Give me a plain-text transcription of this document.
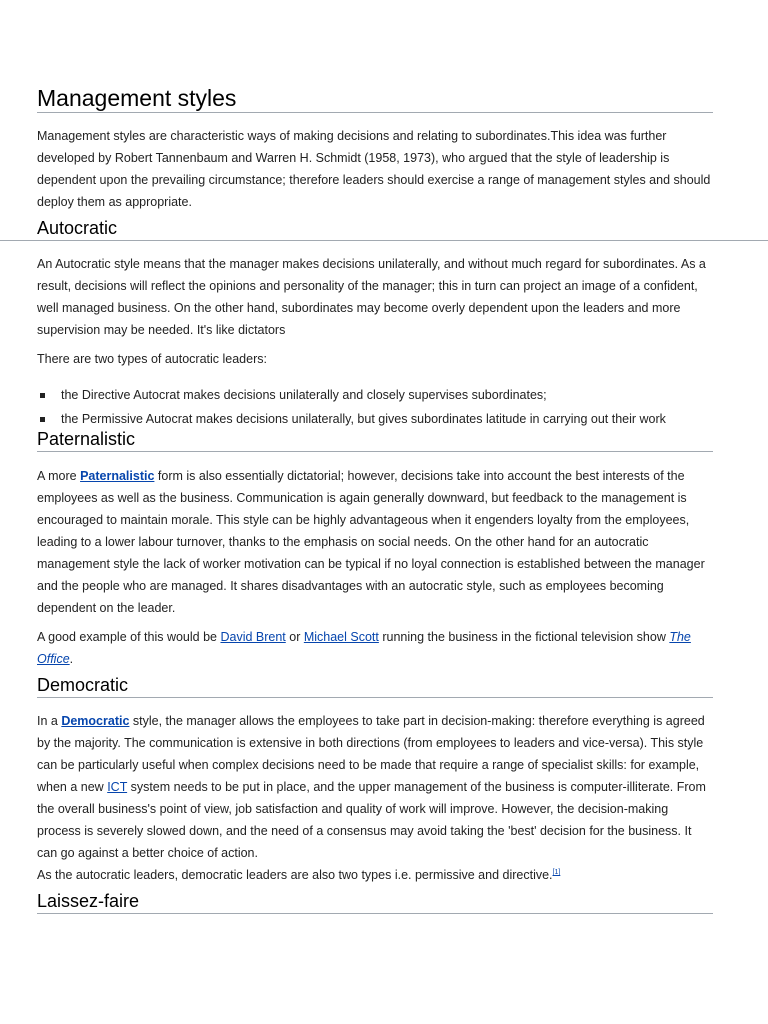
Management styles

Management styles are characteristic ways of making decisions and relating to subordinates.This idea was further developed by Robert Tannenbaum and Warren H. Schmidt (1958, 1973), who argued that the style of leadership is dependent upon the prevailing circumstance; therefore leaders should exercise a range of management styles and should deploy them as appropriate.

Autocratic

An Autocratic style means that the manager makes decisions unilaterally, and without much regard for subordinates. As a result, decisions will reflect the opinions and personality of the manager; this in turn can project an image of a confident, well managed business. On the other hand, subordinates may become overly dependent upon the leaders and more supervision may be needed. It's like dictators

There are two types of autocratic leaders:

the Directive Autocrat makes decisions unilaterally and closely supervises subordinates;
the Permissive Autocrat makes decisions unilaterally, but gives subordinates latitude in carrying out their work
Paternalistic

A more Paternalistic form is also essentially dictatorial; however, decisions take into account the best interests of the employees as well as the business. Communication is again generally downward, but feedback to the management is encouraged to maintain morale. This style can be highly advantageous when it engenders loyalty from the employees, leading to a lower labour turnover, thanks to the emphasis on social needs. On the other hand for an autocratic management style the lack of worker motivation can be typical if no loyal connection is established between the manager and the people who are managed. It shares disadvantages with an autocratic style, such as employees becoming dependent on the leader.

A good example of this would be David Brent or Michael Scott running the business in the fictional television show The Office.

Democratic

In a Democratic style, the manager allows the employees to take part in decision-making: therefore everything is agreed by the majority. The communication is extensive in both directions (from employees to leaders and vice-versa). This style can be particularly useful when complex decisions need to be made that require a range of specialist skills: for example, when a new ICT system needs to be put in place, and the upper management of the business is computer-illiterate. From the overall business's point of view, job satisfaction and quality of work will improve. However, the decision-making process is severely slowed down, and the need of a consensus may avoid taking the 'best' decision for the business. It can go against a better choice of action.

As the autocratic leaders, democratic leaders are also two types i.e. permissive and directive.[1]

Laissez-faire
